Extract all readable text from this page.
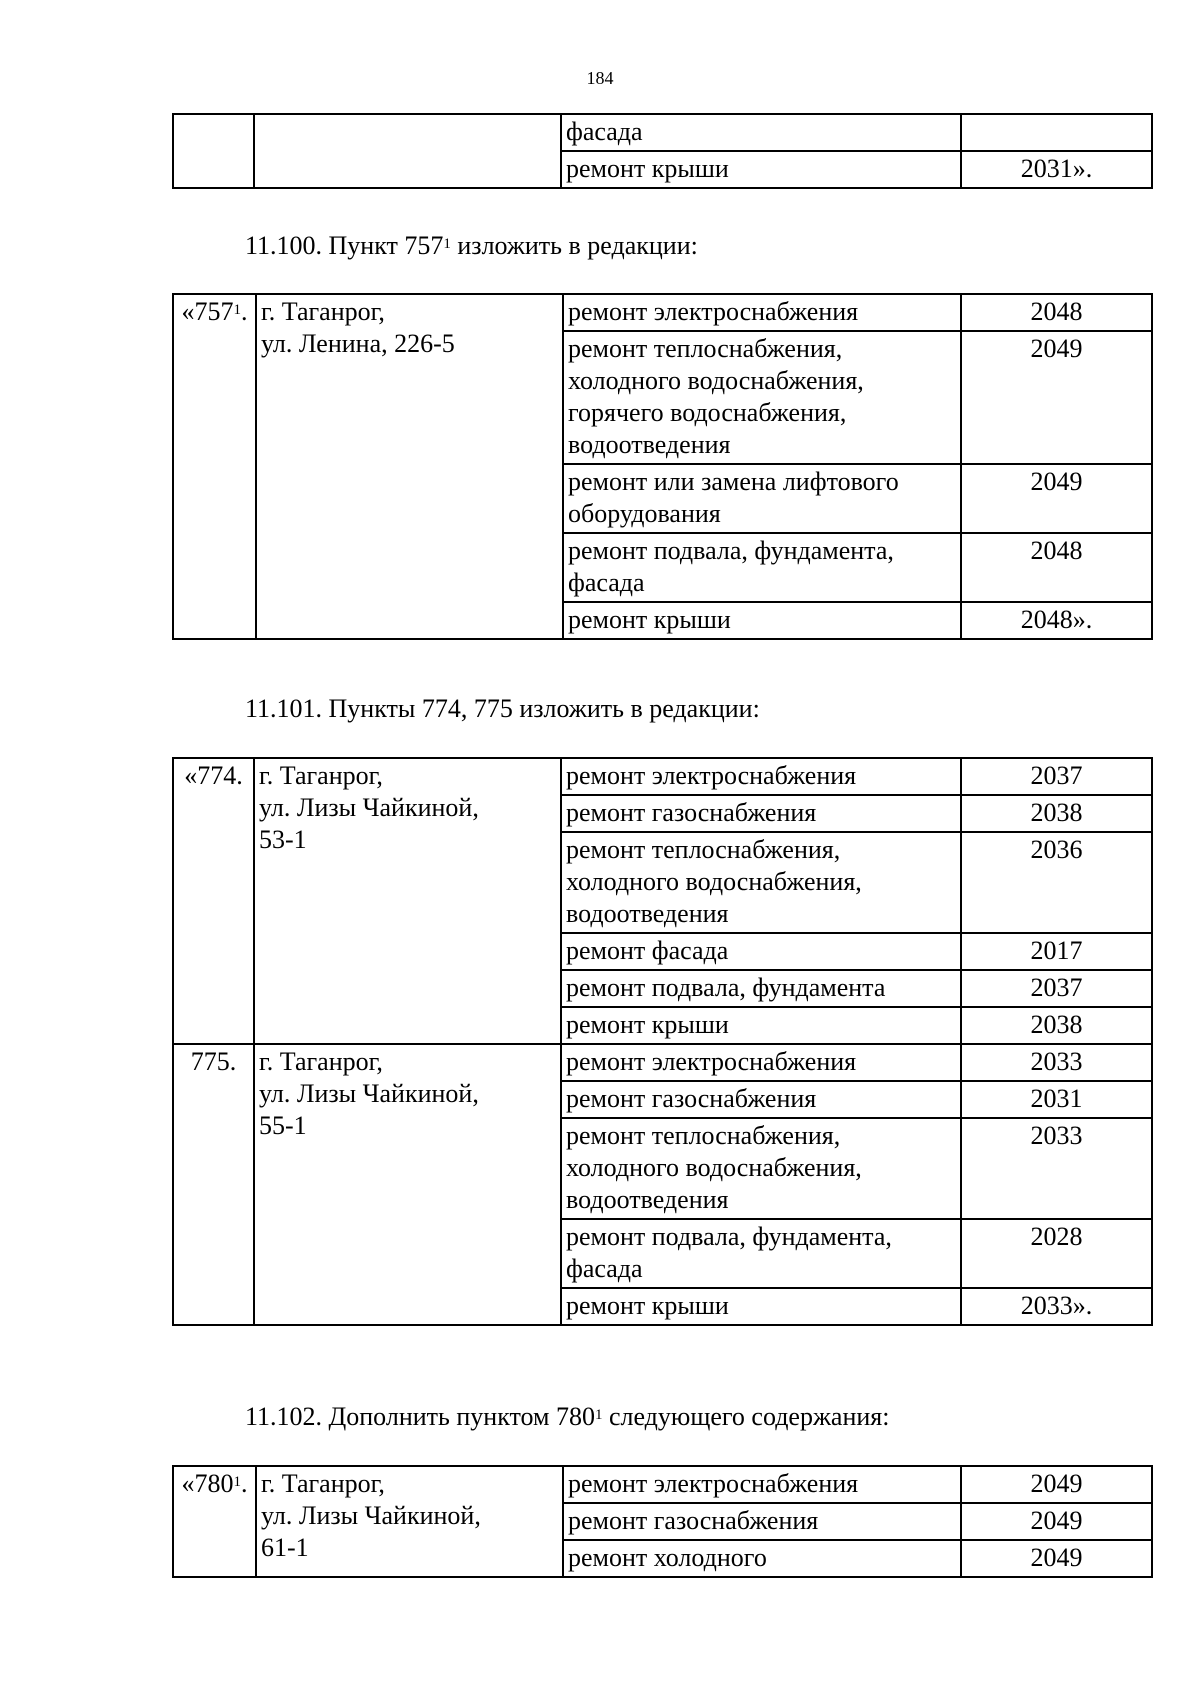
184
		фасада	
		ремонт крыши	2031».
11.100. Пункт $757^1$ изложить в редакции:
«$757^1$.	г. Таганрог,
ул. Ленина, 226-5	ремонт электроснабжения	2048
		ремонт теплоснабжения, холодного водоснабжения, горячего водоснабжения, водоотведения	2049
		ремонт или замена лифтового оборудования	2049
		ремонт подвала, фундамента, фасада	2048
		ремонт крыши	2048».
11.101. Пункты 774, 775 изложить в редакции:
«774.	г. Таганрог,
ул. Лизы Чайкиной,
53-1	ремонт электроснабжения	2037
		ремонт газоснабжения	2038
		ремонт теплоснабжения, холодного водоснабжения, водоотведения	2036
		ремонт фасада	2017
		ремонт подвала, фундамента	2037
		ремонт крыши	2038
775.	г. Таганрог,
ул. Лизы Чайкиной,
55-1	ремонт электроснабжения	2033
		ремонт газоснабжения	2031
		ремонт теплоснабжения, холодного водоснабжения, водоотведения	2033
		ремонт подвала, фундамента, фасада	2028
		ремонт крыши	2033».
11.102. Дополнить пунктом $780^1$ следующего содержания:
«$780^1$.	г. Таганрог,
ул. Лизы Чайкиной,
61-1	ремонт электроснабжения	2049
		ремонт газоснабжения	2049
		ремонт холодного	2049
